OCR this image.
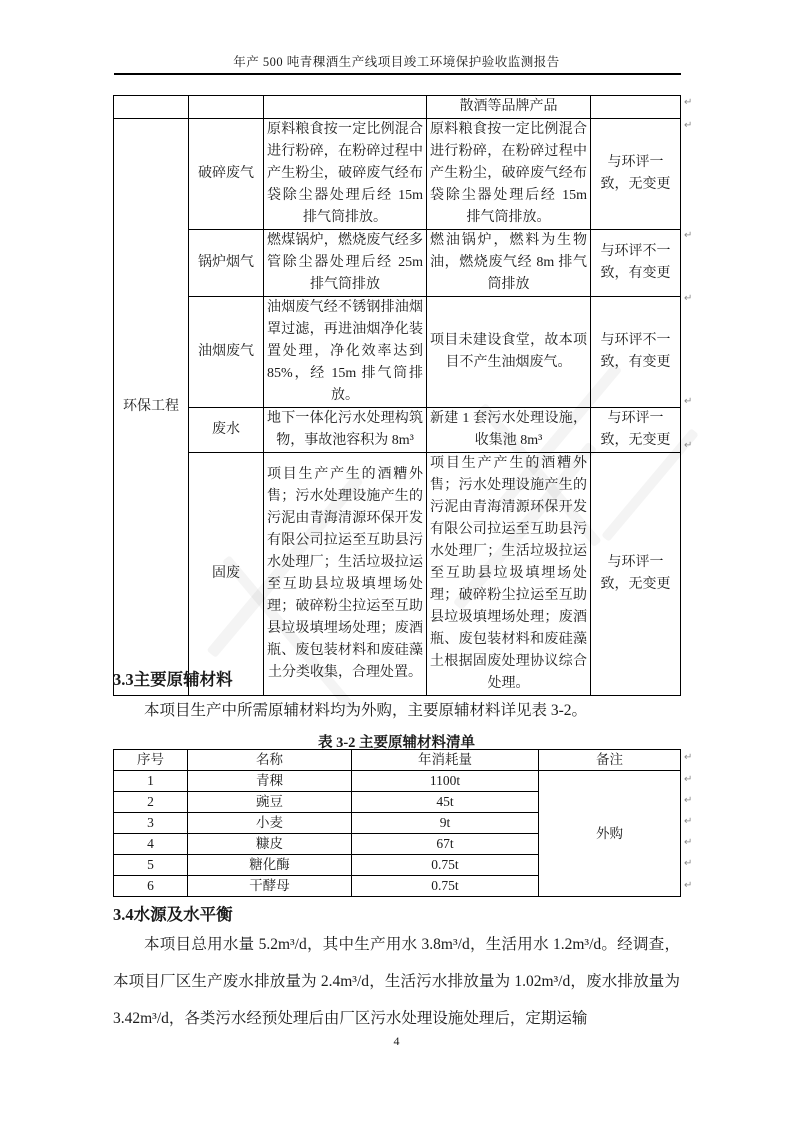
年产 500 吨青稞酒生产线项目竣工环境保护验收监测报告
			散酒等品牌产品	
环保工程	破碎废气	原料粮食按一定比例混合进行粉碎，在粉碎过程中产生粉尘，破碎废气经布袋除尘器处理后经 15m 排气筒排放。	原料粮食按一定比例混合进行粉碎，在粉碎过程中产生粉尘，破碎废气经布袋除尘器处理后经 15m 排气筒排放。	与环评一致，无变更
	锅炉烟气	燃煤锅炉，燃烧废气经多管除尘器处理后经 25m 排气筒排放	燃油锅炉，燃料为生物油，燃烧废气经 8m 排气筒排放	与环评不一致，有变更
	油烟废气	油烟废气经不锈钢排油烟罩过滤，再进油烟净化装置处理，净化效率达到 85%，经 15m 排气筒排放。	项目未建设食堂，故本项目不产生油烟废气。	与环评不一致，有变更
	废水	地下一体化污水处理构筑物，事故池容积为 8m³	新建 1 套污水处理设施，收集池 8m³	与环评一致，无变更
	固废	项目生产产生的酒糟外售；污水处理设施产生的污泥由青海清源环保开发有限公司拉运至互助县污水处理厂；生活垃圾拉运至互助县垃圾填埋场处理；破碎粉尘拉运至互助县垃圾填埋场处理；废酒瓶、废包装材料和废硅藻土分类收集，合理处置。	项目生产产生的酒糟外售；污水处理设施产生的污泥由青海清源环保开发有限公司拉运至互助县污水处理厂；生活垃圾拉运至互助县垃圾填埋场处理；破碎粉尘拉运至互助县垃圾填埋场处理；废酒瓶、废包装材料和废硅藻土根据固废处理协议综合处理。	与环评一致，无变更
3.3主要原辅材料
本项目生产中所需原辅材料均为外购，主要原辅材料详见表 3-2。
表 3-2 主要原辅材料清单
序号	名称	年消耗量	备注
1	青稞	1100t	外购
2	豌豆	45t	
3	小麦	9t	
4	糠皮	67t	
5	糖化酶	0.75t	
6	干酵母	0.75t	
3.4水源及水平衡
本项目总用水量 5.2m³/d，其中生产用水 3.8m³/d，生活用水 1.2m³/d。经调查，本项目厂区生产废水排放量为 2.4m³/d，生活污水排放量为 1.02m³/d，废水排放量为 3.42m³/d，各类污水经预处理后由厂区污水处理设施处理后，定期运输
4
↵
↵
↵
↵
↵
↵
↵
↵
↵
↵
↵
↵
↵
